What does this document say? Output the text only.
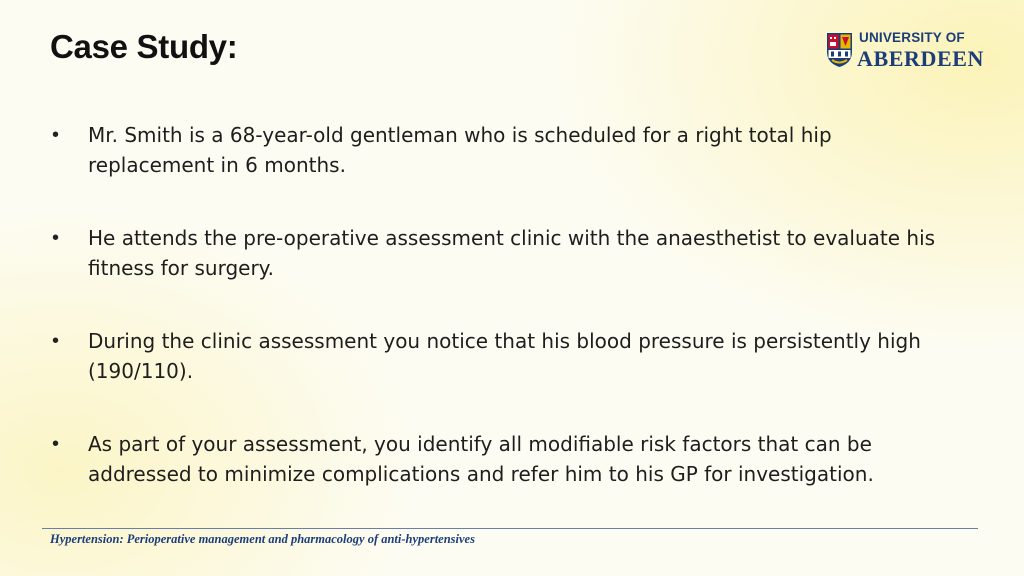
Case Study:	UNIVERSITY OF
ABERDEEN
• Mr. Smith is a 68-year-old gentleman who is scheduled for a right total hip replacement in 6 months.
• He attends the pre-operative assessment clinic with the anaesthetist to evaluate his fitness for surgery.
• During the clinic assessment you notice that his blood pressure is persistently high (190/110).
• As part of your assessment, you identify all modifiable risk factors that can be addressed to minimize complications and refer him to his GP for investigation.
Hypertension: Perioperative management and pharmacology of anti-hypertensives
